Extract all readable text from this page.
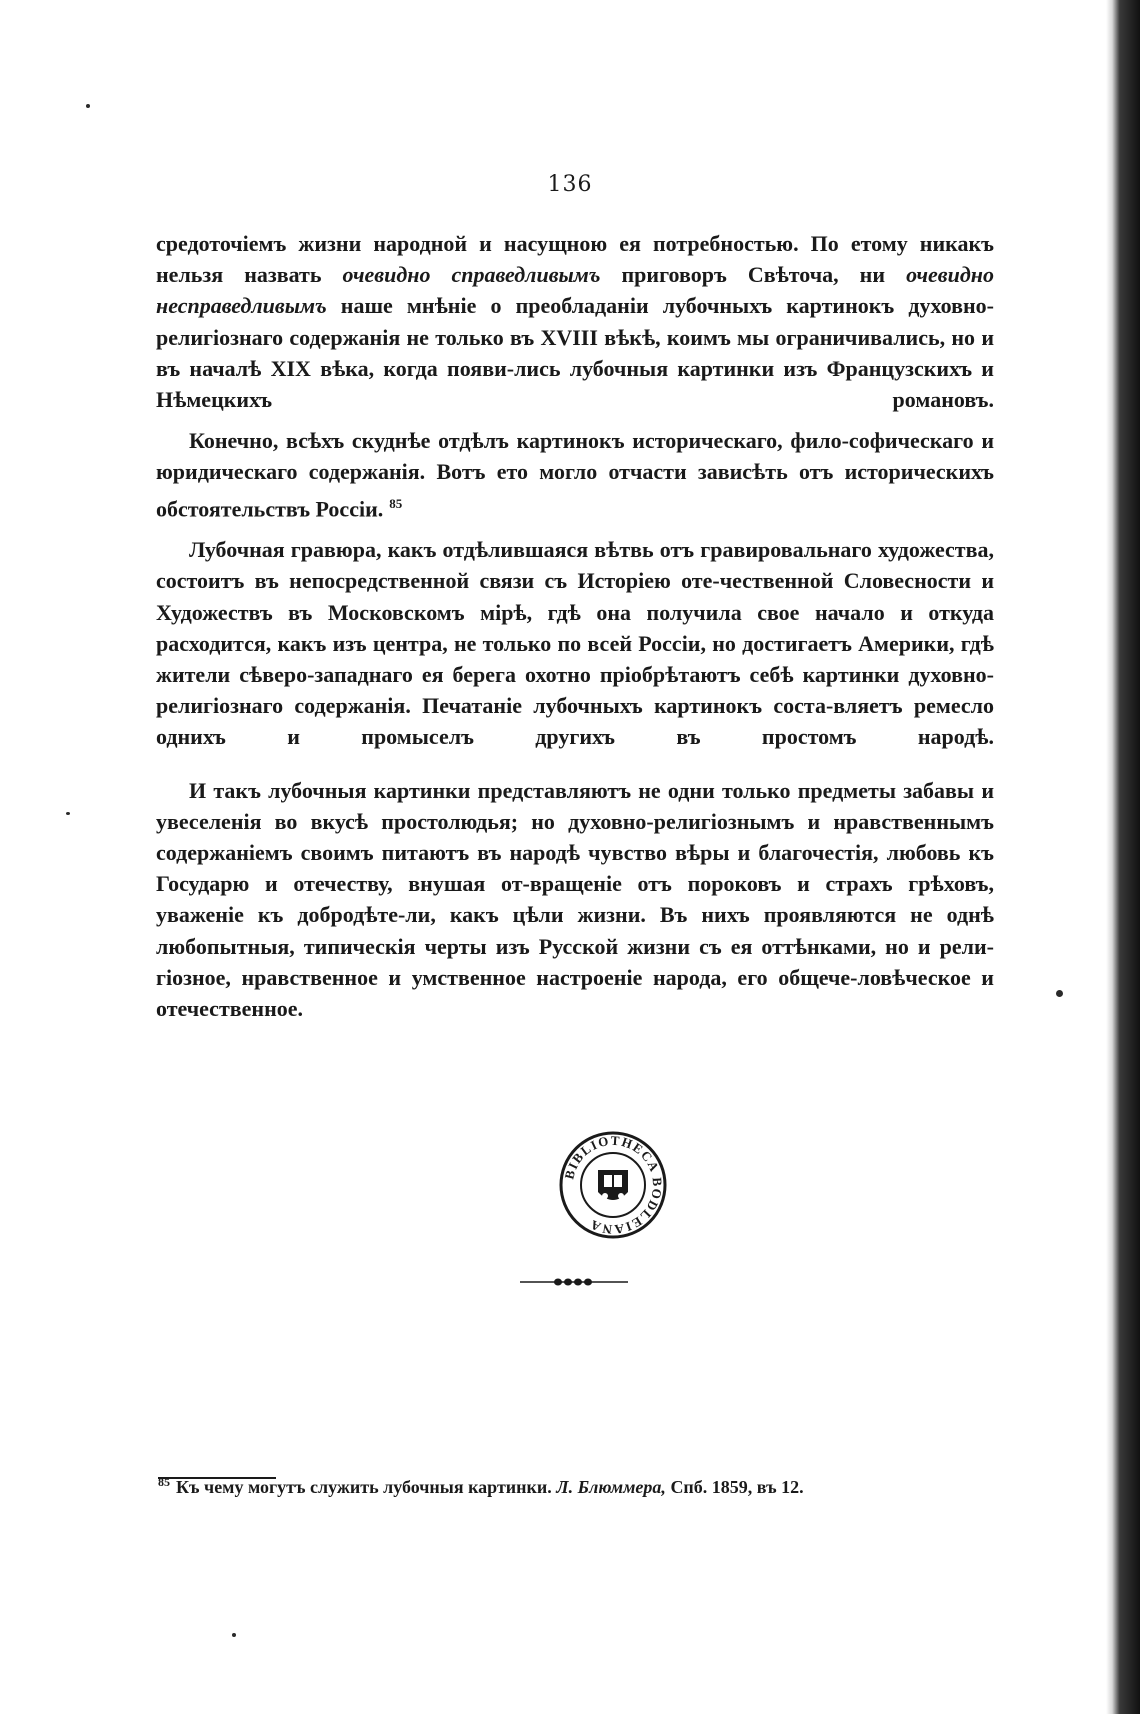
136

средоточіемъ жизни народной и насущною ея потребностью. По етому никакъ нельзя назвать очевидно справедливымъ приговоръ Свѣточа, ни очевидно несправедливымъ наше мнѣніе о преобладаніи лубочныхъ картинокъ духовно-религіознаго содержанія не только въ XVIII вѣкѣ, коимъ мы ограничивались, но и въ началѣ XIX вѣка, когда появи-лись лубочныя картинки изъ Французскихъ и Нѣмецкихъ романовъ.

Конечно, всѣхъ скуднѣе отдѣлъ картинокъ историческаго, фило-софическаго и юридическаго содержанія. Вотъ ето могло отчасти зависѣть отъ историческихъ обстоятельствъ Россіи. $^{85}$

Лубочная гравюра, какъ отдѣлившаяся вѣтвь отъ гравировальнаго художества, состоитъ въ непосредственной связи съ Исторіею оте-чественной Словесности и Художествъ въ Московскомъ мірѣ, гдѣ она получила свое начало и откуда расходится, какъ изъ центра, не только по всей Россіи, но достигаетъ Америки, гдѣ жители сѣверо-западнаго ея берега охотно пріобрѣтаютъ себѣ картинки духовно-религіознаго содержанія. Печатаніе лубочныхъ картинокъ соста-вляетъ ремесло однихъ и промыселъ другихъ въ простомъ народѣ.

И такъ лубочныя картинки представляютъ не одни только предметы забавы и увеселенія во вкусѣ простолюдья; но духовно-религіознымъ и нравственнымъ содержаніемъ своимъ питаютъ въ народѣ чувство вѣры и благочестія, любовь къ Государю и отечеству, внушая от-вращеніе отъ пороковъ и страхъ грѣховъ, уваженіе къ добродѣте-ли, какъ цѣли жизни. Въ нихъ проявляются не однѣ любопытныя, типическія черты изъ Русской жизни съ ея оттѣнками, но и рели-гіозное, нравственное и умственное настроеніе народа, его общече-ловѣческое и отечественное.

BIBLIOTHECA BODLEIANA
$^{85}$ Къ чему могутъ служить лубочныя картинки. Л. Блюммера, Спб. 1859, въ 12.
